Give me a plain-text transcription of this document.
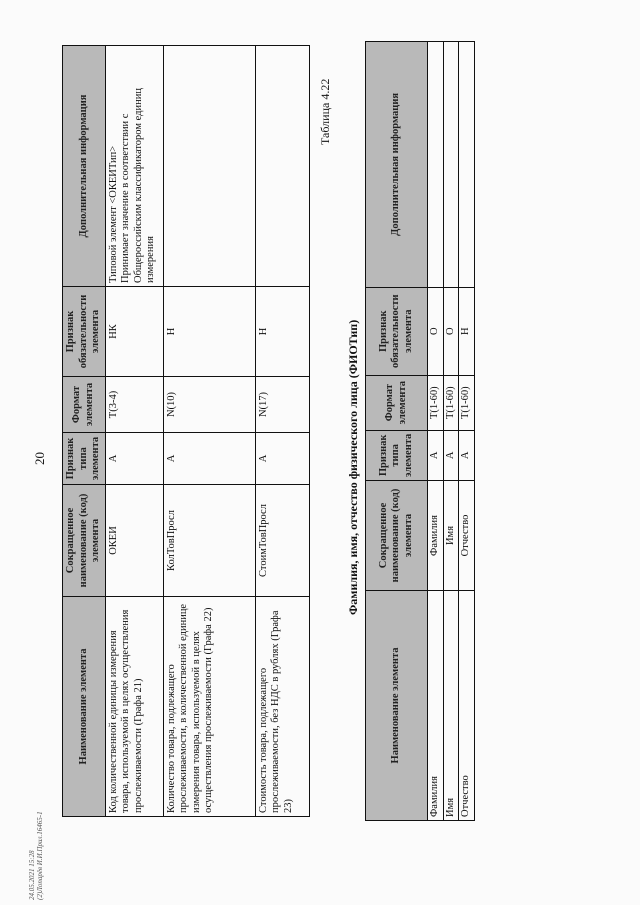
20
Наименование элемента	Сокращенное наименование (код) элемента	Признак типа элемента	Формат элемента	Признак обязательности элемента	Дополнительная информация
Код количественной единицы измерения товара, используемой в целях осуществления прослеживаемости (Графа 21)	ОКЕИ	А	T(3-4)	НК	Типовой элемент <ОКЕИТип>
Принимает значение в соответствии с Общероссийским классификатором единиц измерения
Количество товара, подлежащего прослеживаемости, в количественной единице измерения товара, используемой в целях осуществления прослеживаемости (Графа 22)	КолТовПросл	А	N(10)	Н	
Стоимость товара, подлежащего прослеживаемости, без НДС в рублях (Графа 23)	СтоимТовПросл	А	N(17)	Н	
Таблица 4.22
Фамилия, имя, отчество физического лица (ФИОТип)
Наименование элемента	Сокращенное наименование (код) элемента	Признак типа элемента	Формат элемента	Признак обязательности элемента	Дополнительная информация
Фамилия	Фамилия	А	T(1-60)	О	
Имя	Имя	А	T(1-60)	О	
Отчество	Отчество	А	T(1-60)	Н	
24.05.2021 15:28 (2)Лопарёв И.И.Прил.16465-1
